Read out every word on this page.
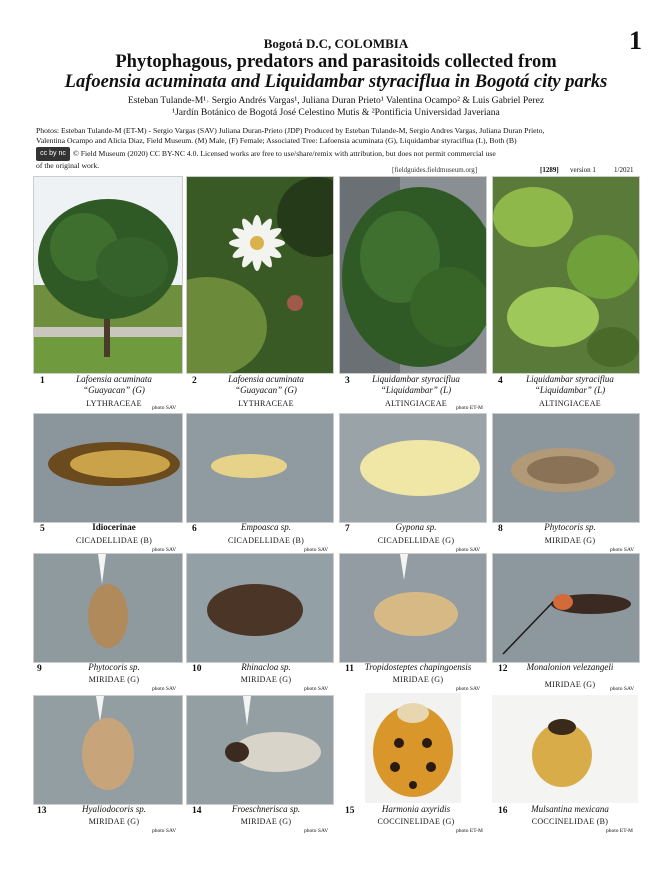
1
Bogotá D.C, COLOMBIA
Phytophagous, predators and parasitoids collected from
Lafoensia acuminata and Liquidambar styraciflua in Bogotá city parks
Esteban Tulande-M¹˒ Sergio Andrés Vargas¹, Juliana Duran Prieto¹ Valentina Ocampo² & Luis Gabriel Perez
¹Jardín Botánico de Bogotá José Celestino Mutis & ²Pontificia Universidad Javeriana
Photos: Esteban Tulande-M (ET-M) - Sergio Vargas (SAV) Juliana Duran-Prieto (JDP) Produced by Esteban Tulande-M, Sergio Andres Vargas, Juliana Duran Prieto,
Valentina Ocampo and Alicia Diaz, Field Museum. (M) Male, (F) Female; Associated Tree: Lafoensia acuminata (G), Liquidambar styraciflua (L), Both (B)
cc by nc © Field Museum (2020) CC BY-NC 4.0. Licensed works are free to use/share/remix with attribution, but does not permit commercial use
of the original work.
[fieldguides.fieldmuseum.org]	[1289] version 1	1/2021
1	Lafoensia acuminata
“Guayacan” (G)
LYTHRACEAE	photo SAV
2	Lafoensia acuminata
“Guayacan” (G)
LYTHRACEAE
3	Liquidambar styraciflua
“Liquidambar” (L)
ALTINGIACEAE	photo ET-M
4	Liquidambar styraciflua
“Liquidambar” (L)
ALTINGIACEAE
5	Idiocerinae
CICADELLIDAE (B)
photo SAV
6	Empoasca sp.
CICADELLIDAE (B)
photo SAV
7	Gypona sp.
CICADELLIDAE (G)
photo SAV
8	Phytocoris sp.
MIRIDAE (G)
photo SAV
9	Phytocoris sp.
MIRIDAE (G)
photo SAV
10	Rhinacloa sp.
MIRIDAE (G)
photo SAV
11	Tropidosteptes chapingoensis
MIRIDAE (G)
photo SAV
12	Monalonion velezangeli
MIRIDAE (G)
photo SAV
13	Hyaliodocoris sp.
MIRIDAE (G)
photo SAV
14	Froeschnerisca sp.
MIRIDAE (G)
photo SAV
15	Harmonia axyridis
COCCINELIDAE (G)
photo ET-M
16	Mulsantina mexicana
COCCINELIDAE (B)
photo ET-M
